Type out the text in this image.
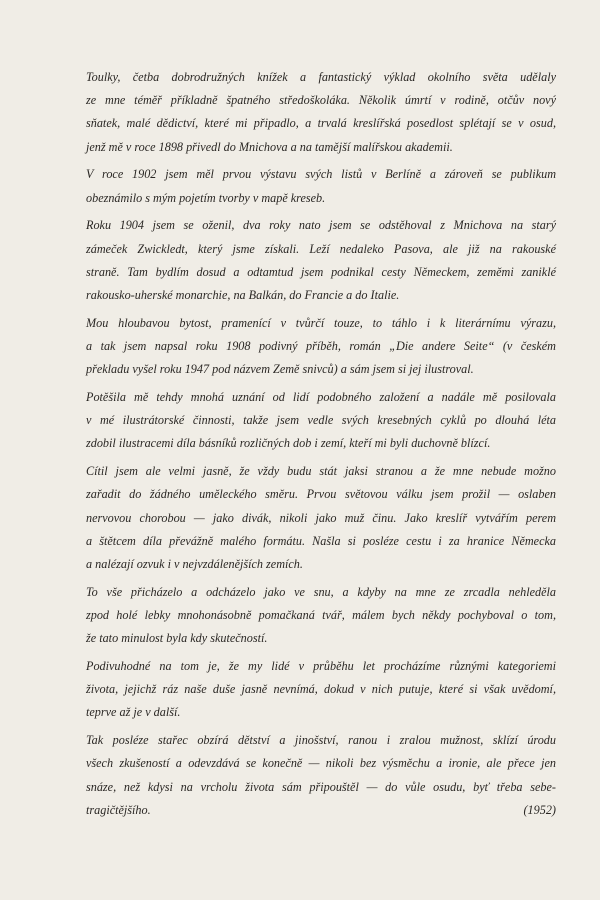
Toulky, četba dobrodružných knížek a fantastický výklad okolního světa udělaly
ze mne téměř příkladně špatného středoškoláka. Několik úmrtí v rodině, otčův nový
sňatek, malé dědictví, které mi připadlo, a trvalá kreslířská posedlost splétají se v osud,
jenž mě v roce 1898 přivedl do Mnichova a na tamější malířskou akademii.
V roce 1902 jsem měl prvou výstavu svých listů v Berlíně a zároveň se publikum
obeznámilo s mým pojetím tvorby v mapě kreseb.
Roku 1904 jsem se oženil, dva roky nato jsem se odstěhoval z Mnichova na starý
zámeček Zwickledt, který jsme získali. Leží nedaleko Pasova, ale již na rakouské
straně. Tam bydlím dosud a odtamtud jsem podnikal cesty Německem, zeměmi zaniklé
rakousko-uherské monarchie, na Balkán, do Francie a do Italie.
Mou hloubavou bytost, pramenící v tvůrčí touze, to táhlo i k literárnímu výrazu,
a tak jsem napsal roku 1908 podivný příběh, román „Die andere Seite“ (v českém
překladu vyšel roku 1947 pod názvem Země snivců) a sám jsem si jej ilustroval.
Potěšila mě tehdy mnohá uznání od lidí podobného založení a nadále mě posilovala
v mé ilustrátorské činnosti, takže jsem vedle svých kresebných cyklů po dlouhá léta
zdobil ilustracemi díla básníků rozličných dob i zemí, kteří mi byli duchovně blízcí.
Cítil jsem ale velmi jasně, že vždy budu stát jaksi stranou a že mne nebude možno
zařadit do žádného uměleckého směru. Prvou světovou válku jsem prožil — oslaben
nervovou chorobou — jako divák, nikoli jako muž činu. Jako kreslíř vytvářím perem
a štětcem díla převážně malého formátu. Našla si posléze cestu i za hranice Německa
a nalézají ozvuk i v nejvzdálenějších zemích.
To vše přicházelo a odcházelo jako ve snu, a kdyby na mne ze zrcadla nehleděla
zpod holé lebky mnohonásobně pomačkaná tvář, málem bych někdy pochyboval o tom,
že tato minulost byla kdy skutečností.
Podivuhodné na tom je, že my lidé v průběhu let procházíme různými kategoriemi
života, jejichž ráz naše duše jasně nevnímá, dokud v nich putuje, které si však uvědomí,
teprve až je v další.
Tak posléze stařec obzírá dětství a jinošství, ranou i zralou mužnost, sklízí úrodu
všech zkušeností a odevzdává se konečně — nikoli bez výsměchu a ironie, ale přece jen
snáze, než kdysi na vrcholu života sám připouštěl — do vůle osudu, byť třeba sebe-
tragičtějšího.	(1952)
